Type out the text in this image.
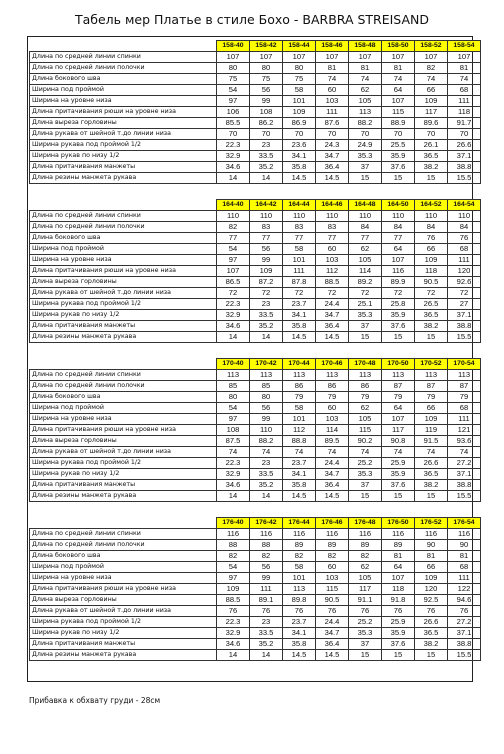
Табель мер Платье в стиле Бохо - BARBRA STREISAND
	158-40	158-42	158-44	158-46	158-48	158-50	158-52	158-54
Длина по средней линии спинки	107	107	107	107	107	107	107	107
Длина по средней линии полочки	80	80	80	81	81	81	82	81
Длина бокового шва	75	75	75	74	74	74	74	74
Ширина под проймой	54	56	58	60	62	64	66	68
Ширина на уровне низа	97	99	101	103	105	107	109	111
Длина притачивания рюши на уровне низа	106	108	109	111	113	115	117	118
Длина выреза горловины	85.5	86.2	86.9	87.6	88.2	88.9	89.6	91.7
Длина рукава от шейной т.до линии низа	70	70	70	70	70	70	70	70
Ширина рукава под проймой 1/2	22.3	23	23.6	24.3	24.9	25.5	26.1	26.6
Ширина рукав по низу 1/2	32.9	33.5	34.1	34.7	35.3	35.9	36.5	37.1
Длина притачивания манжеты	34.6	35.2	35.8	36.4	37	37.6	38.2	38.8
Длина резины манжета рукава	14	14	14.5	14.5	15	15	15	15.5
	164-40	164-42	164-44	164-46	164-48	164-50	164-52	164-54
Длина по средней линии спинки	110	110	110	110	110	110	110	110
Длина по средней линии полочки	82	83	83	83	84	84	84	84
Длина бокового шва	77	77	77	77	77	77	76	76
Ширина под проймой	54	56	58	60	62	64	66	68
Ширина на уровне низа	97	99	101	103	105	107	109	111
Длина притачивания рюши на уровне низа	107	109	111	112	114	116	118	120
Длина выреза горловины	86.5	87.2	87.8	88.5	89.2	89.9	90.5	92.6
Длина рукава от шейной т.до линии низа	72	72	72	72	72	72	72	72
Ширина рукава под проймой 1/2	22.3	23	23.7	24.4	25.1	25.8	26.5	27
Ширина рукав по низу 1/2	32.9	33.5	34.1	34.7	35.3	35.9	36.5	37.1
Длина притачивания манжеты	34.6	35.2	35.8	36.4	37	37.6	38.2	38.8
Длина резины манжета рукава	14	14	14.5	14.5	15	15	15	15.5
	170-40	170-42	170-44	170-46	170-48	170-50	170-52	170-54
Длина по средней линии спинки	113	113	113	113	113	113	113	113
Длина по средней линии полочки	85	85	86	86	86	87	87	87
Длина бокового шва	80	80	79	79	79	79	79	79
Ширина под проймой	54	56	58	60	62	64	66	68
Ширина на уровне низа	97	99	101	103	105	107	109	111
Длина притачивания рюши на уровне низа	108	110	112	114	115	117	119	121
Длина выреза горловины	87.5	88.2	88.8	89.5	90.2	90.8	91.5	93.6
Длина рукава от шейной т.до линии низа	74	74	74	74	74	74	74	74
Ширина рукава под проймой 1/2	22.3	23	23.7	24.4	25.2	25.9	26.6	27.2
Ширина рукав по низу 1/2	32.9	33.5	34.1	34.7	35.3	35.9	36.5	37.1
Длина притачивания манжеты	34.6	35.2	35.8	36.4	37	37.6	38.2	38.8
Длина резины манжета рукава	14	14	14.5	14.5	15	15	15	15.5
	176-40	176-42	176-44	176-46	176-48	176-50	176-52	176-54
Длина по средней линии спинки	116	116	116	116	116	116	116	116
Длина по средней линии полочки	88	88	89	89	89	89	90	90
Длина бокового шва	82	82	82	82	82	81	81	81
Ширина под проймой	54	56	58	60	62	64	66	68
Ширина на уровне низа	97	99	101	103	105	107	109	111
Длина притачивания рюши на уровне низа	109	111	113	115	117	118	120	122
Длина выреза горловины	88.5	89.1	89.8	90.5	91.1	91.8	92.5	94.6
Длина рукава от шейной т.до линии низа	76	76	76	76	76	76	76	76
Ширина рукава под проймой 1/2	22.3	23	23.7	24.4	25.2	25.9	26.6	27.2
Ширина рукав по низу 1/2	32.9	33.5	34.1	34.7	35.3	35.9	36.5	37.1
Длина притачивания манжеты	34.6	35.2	35.8	36.4	37	37.6	38.2	38.8
Длина резины манжета рукава	14	14	14.5	14.5	15	15	15	15.5
Прибавка к обхвату груди - 28см
